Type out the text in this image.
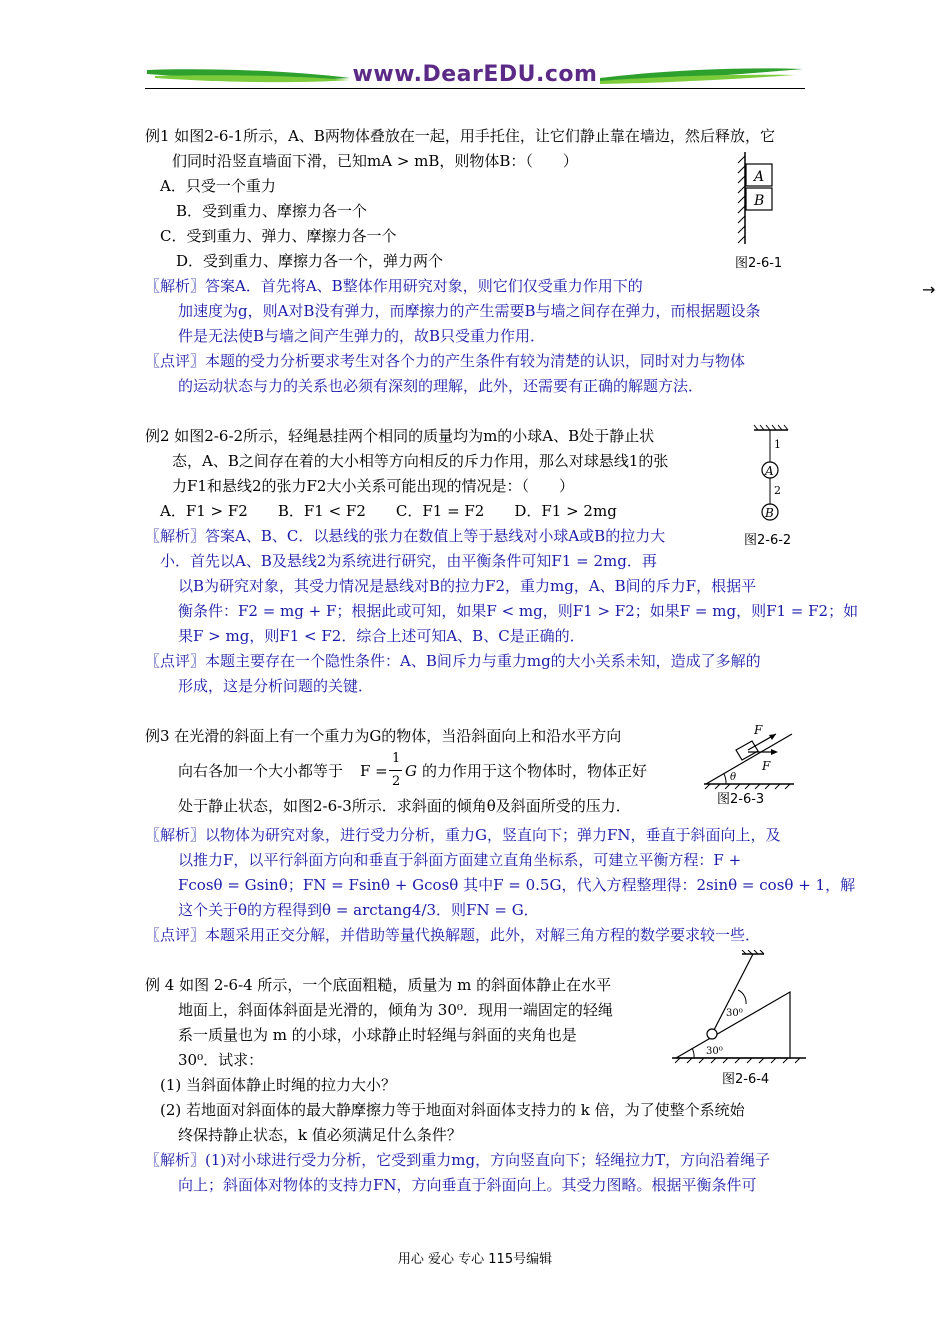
www.DearEDU.com
例1 如图2-6-1所示，A、B两物体叠放在一起，用手托住，让它们静止靠在墙边，然后释放，它
们同时沿竖直墙面下滑，已知mA > mB，则物体B：（　　）
A．只受一个重力
B．受到重力、摩擦力各一个
C．受到重力、弹力、摩擦力各一个
D．受到重力、摩擦力各一个，弹力两个
A
B
图2-6-1
〖解析〗答案A．首先将A、B整体作用研究对象，则它们仅受重力作用下的
加速度为g，则A对B没有弹力，而摩擦力的产生需要B与墙之间存在弹力，而根据题设条
件是无法使B与墙之间产生弹力的，故B只受重力作用．
〖点评〗本题的受力分析要求考生对各个力的产生条件有较为清楚的认识，同时对力与物体
的运动状态与力的关系也必须有深刻的理解，此外，还需要有正确的解题方法．
→
例2 如图2-6-2所示，轻绳悬挂两个相同的质量均为m的小球A、B处于静止状
态，A、B之间存在着的大小相等方向相反的斥力作用，那么对球悬线1的张
力F1和悬线2的张力F2大小关系可能出现的情况是：（　　）
A．F1 > F2　　B．F1 < F2　　C．F1 = F2　　D．F1 > 2mg
1
2
A
B
图2-6-2
〖解析〗答案A、B、C．以悬线的张力在数值上等于悬线对小球A或B的拉力大
小．首先以A、B及悬线2为系统进行研究，由平衡条件可知F1 = 2mg．再
以B为研究对象，其受力情况是悬线对B的拉力F2，重力mg，A、B间的斥力F，根据平
衡条件：F2 = mg + F；根据此或可知，如果F < mg，则F1 > F2；如果F = mg，则F1 = F2；如
果F > mg，则F1 < F2．综合上述可知A、B、C是正确的．
〖点评〗本题主要存在一个隐性条件：A、B间斥力与重力mg的大小关系未知，造成了多解的
形成，这是分析问题的关键．
例3 在光滑的斜面上有一个重力为G的物体，当沿斜面向上和沿水平方向
向右各加一个大小都等于 F =
1
2
G 的力作用于这个物体时，物体正好
处于静止状态，如图2-6-3所示．求斜面的倾角θ及斜面所受的压力．
F
F
θ
图2-6-3
〖解析〗以物体为研究对象，进行受力分析，重力G，竖直向下；弹力FN，垂直于斜面向上，及
以推力F，以平行斜面方向和垂直于斜面方面建立直角坐标系，可建立平衡方程：F +
Fcosθ = Gsinθ；FN = Fsinθ + Gcosθ 其中F = 0.5G，代入方程整理得：2sinθ = cosθ + 1，解
这个关于θ的方程得到θ = arctang4/3．则FN = G．
〖点评〗本题采用正交分解，并借助等量代换解题，此外，对解三角方程的数学要求较一些．
例 4 如图 2-6-4 所示，一个底面粗糙，质量为 m 的斜面体静止在水平
地面上，斜面体斜面是光滑的，倾角为 30⁰．现用一端固定的轻绳
系一质量也为 m 的小球，小球静止时轻绳与斜面的夹角也是
30⁰．试求：
(1) 当斜面体静止时绳的拉力大小？
(2) 若地面对斜面体的最大静摩擦力等于地面对斜面体支持力的 k 倍，为了使整个系统始
终保持静止状态，k 值必须满足什么条件？
30⁰
30⁰
图2-6-4
〖解析〗(1)对小球进行受力分析，它受到重力mg，方向竖直向下；轻绳拉力T，方向沿着绳子
向上；斜面体对物体的支持力FN，方向垂直于斜面向上。其受力图略。根据平衡条件可
用心 爱心 专心 115号编辑
